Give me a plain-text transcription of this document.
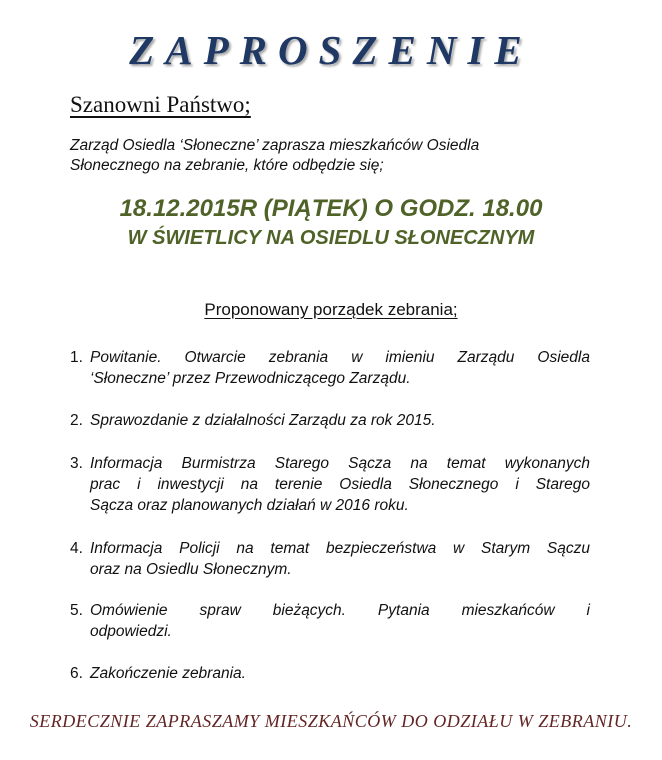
ZAPROSZENIE
Szanowni Państwo;
Zarząd Osiedla ‘Słoneczne’ zaprasza mieszkańców Osiedla
Słonecznego na zebranie, które odbędzie się;
18.12.2015R (PIĄTEK) O GODZ. 18.00
W ŚWIETLICY NA OSIEDLU SŁONECZNYM
Proponowany porządek zebrania;
1. Powitanie. Otwarcie zebrania w imieniu Zarządu Osiedla
‘Słoneczne’ przez Przewodniczącego Zarządu.
2. Sprawozdanie z działalności Zarządu za rok 2015.
3. Informacja Burmistrza Starego Sącza na temat wykonanych
prac i inwestycji na terenie Osiedla Słonecznego i Starego
Sącza oraz planowanych działań w 2016 roku.
4. Informacja Policji na temat bezpieczeństwa w Starym Sączu
oraz na Osiedlu Słonecznym.
5. Omówienie spraw bieżących. Pytania mieszkańców i
odpowiedzi.
6. Zakończenie zebrania.
SERDECZNIE ZAPRASZAMY MIESZKAŃCÓW DO ODZIAŁU W ZEBRANIU.
